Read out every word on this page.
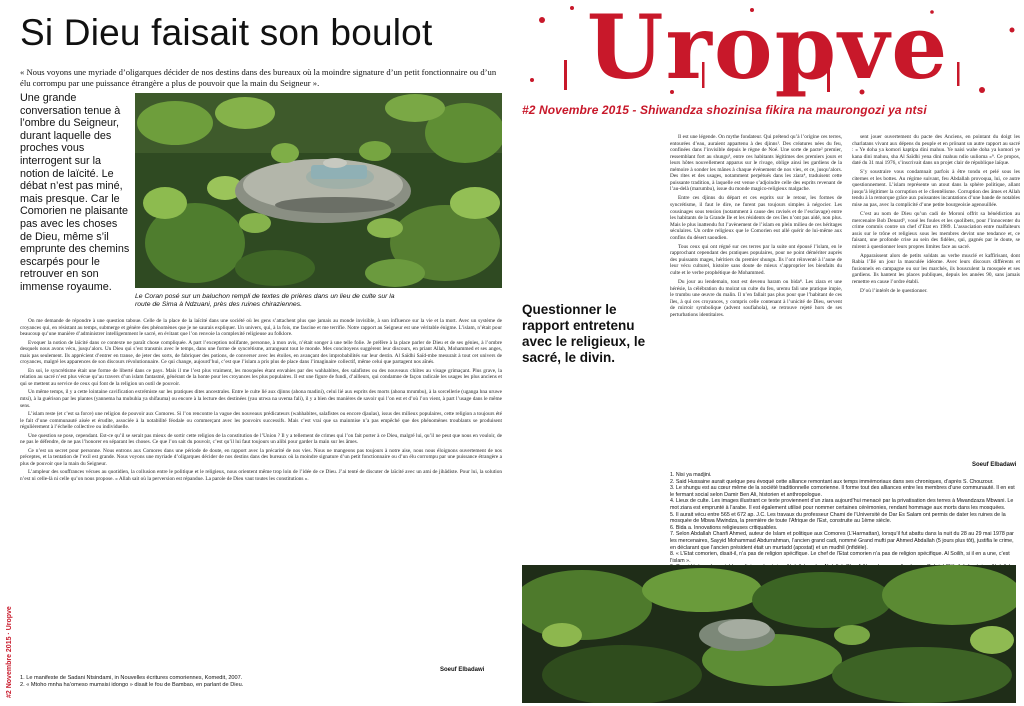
Si Dieu faisait son boulot

« Nous voyons une myriade d’oligarques décider de nos destins dans des bureaux où la moindre signature d’un petit fonctionnaire ou d’un élu corrompu par une puissance étrangère a plus de pouvoir que la main du Seigneur ».

Une grande conversation tenue à l’ombre du Seigneur, durant laquelle des proches vous interrogent sur la notion de laïcité. Le débat n’est pas miné, mais presque. Car le Comorien ne plaisante pas avec les choses de Dieu, même s’il emprunte des chemins escarpés pour le retrouver en son immense royaume.

Le Coran posé sur un baluchon rempli de textes de prières dans un lieu de culte sur la route de Sima à Ndzuani, près des ruines chiraziennes.

On me demande de répondre à une question taboue. Celle de la place de la laïcité dans une société où les gens s’attachent plus que jamais au monde invisible, à son influence sur la vie et la mort. Avec un système de croyances qui, en résistant au temps, submerge et génère des phénomènes que je ne saurais expliquer. Un univers, qui, à la fois, me fascine et me terrifie. Notre rapport au Seigneur est une véritable énigme. L’islam, n’était pour beaucoup qu’une manière d’administrer intelligemment le sacré, en évitant que l’on renvoie la complexité religieuse au folklore.

Evoquer la notion de laïcité dans ce contexte ne paraît chose compliquée. A part l’exception nolifante, personne, à mon avis, n’était songer à une telle folie. Je préfère à la place parler de Dieu et de ses génies, à l’ombre desquels nous avons vécu, jusqu’alors. Un Dieu qui s’est transmis avec le temps, dans une forme de syncrétisme, arrangeant tout le monde. Mes concitoyens suggèrent leur discours, en priant Allah, Mohammed et ses anges, mais pas seulement. Ils apprécient d’entrer en transe, de jeter des sorts, de fabriquer des potions, de converser avec les étoiles, en avançant des improbabilités sur leur destin. Al Saïdhi Saïd-mbe mesurait à tout cet univers de croyances, malgré les apparences de son discours révolutionnaire. Ce qui change, aujourd’hui, c’est que l’islam a pris plus de place dans l’imaginaire collectif, même celui que partagent nos aînés.

En soi, le syncrétisme était une forme de liberté dans ce pays. Mais il me l’est plus vraiment, les mosquées étant envahies par des wahhabites, des salafistes ou des nouveaux chiites au visage grimaçant. Plus grave, la relation au sacré n’est plus vécue qu’au travers d’un islam fantasmé, générant de la honte pour les croyances les plus populaires. Il est une figure de fundi, d’ailleurs, qui condamne de façon radicale les usages les plus anciens et qui se mettent au service de ceux qui font de la religion un outil de pouvoir.

Un même temps, il y a cette lointaine cavification extrémiste sur les pratiques dites ancestrales. Entre le culte lié aux djinns (ahona madini), celui lié aux esprits des morts (ahona mrumbu), à la sorcellerie (uganga hna uruwe mtsi), à la guérison par les plantes (yannema ha mubuhia ya shifauma) ou encore à la lecture des destinées (yau utrwa na uvema fali), il y a bien des manières de savoir qui l’on est et d’où l’on vient, à part l’usage dans le même sens.

L’islam reste (et c’est sa force) une religion de pouvoir aux Comores. Si l’on rencontre la vague des nouveaux prédicateurs (wahhabites, salafistes ou encore djaulas), issus des milieux populaires, cette religion a toujours été le fait d’une communauté aisée et érudite, associée à la notabilité féodale ou commerçant avec les pouvoirs successifs. Mais c’est vrai que sa mainmise n’a pas empêché que des phénomènes troublants se produisent régulièrement à l’échelle collective ou individuelle.

Une question se pose, cependant. Est-ce qu’il se serait pas mieux de sortir cette religion de la constitution de l’Union ? Il y a tellement de crimes qui l’on fait porter à ce Dieu, malgré lui, qu’il ne peut que nous en vouloir, de ne pas le défendre, de ne pas l’honorer en séparant les choses. Ce que l’on sait du pouvoir, c’est qu’il lui faut toujours un alibi pour garder la main sur les âmes.

Ce n’est un secret pour personne. Nous entrons aux Comores dans une période de doute, en rapport avec la précarité de nos vies. Nous ne mangeons pas toujours à notre aise, nous nous éloignons ouvertement de nos préceptes, et la tentation de l’exil est grande. Nous voyons une myriade d’oligarques décider de nos destins dans des bureaux où la moindre signature d’un petit fonctionnaire ou d’un élu corrompu par une puissance étrangère a plus de pouvoir que la main du Seigneur.

L’ampleur des souffrances vécues au quotidien, la collusion entre le politique et le religieux, nous orientent même trop loin de l’idée de ce Dieu. J’ai tenté de discuter de laïcité avec un ami de jihâdiste. Pour lui, la solution n’est ni celle-là ni celle qu’on nous propose. « Allah sait où la perversion est répandue. La parole de Dieu vaut toutes les constitutions ».

Soeuf Elbadawi
1. Le manifeste de Sadani Ntsindami, in Nouvelles écritures comoriennes, Komedit, 2007.
2. « Mtoho mnha ha’omeso mumsisi idongo » disait le fou de Bambao, en parlant de Dieu.
#2 Novembre 2015 · Uropve
Uropve
#2 Novembre 2015 - Shiwandza shozinisa fikira na maurongozi ya ntsi
Questionner le rapport entretenu avec le religieux, le sacré, le divin.

Il est une légende. On mythe fondateur. Qui prétend qu’à l’origine ces terres, entourées d’eau, auraient appartenu à des djinns¹. Des créatures nées du feu, confinées dans l’invisible depuis le règne de Noé. Une sorte de pacte² premier, ressemblant fort au shungu³, entre ces habitants légitimes des premiers jours et leurs hôtes nouvellement apparus sur le rivage, oblige ainsi les gardiens de la mémoire à sonder les mânes à chaque événement de nos vies, et ce, jusqu’alors. Des rites et des usages, notamment perpétués dans les ziara⁴, traduisent cette puissante tradition, à laquelle est venue s’adjoindre celle des esprits revenant de l’au-delà (marumbu), issue du monde magico-religieux malgache.

Entre ces djinns du départ et ces esprits sur le retour, les formes de syncrétisme, il faut le dire, ne furent pas toujours simples à négocier. Les cousinages sous tension (notamment à cause des ravisés et de l’esclavage) entre les habitants de la Grande Ile et les résidents de ces îles n’ont pas aidé, non plus. Mais le plus inattendu fut l’avènement de l’islam en plein milieu de ces héritages séculaires. Un ordre religieux que le Comorien eut allé quérir de lui-même aux confins du désert saoudien.

Tous ceux qui ont régné sur ces terres par la suite ont épousé l’islam, en le rapprochant cependant des pratiques populaires, pour ne point démériter auprès des puissants mages, héritiers du premier shungu. Ils l’ont réinventé à l’aune de leur vécu culturel, histoire sans doute de mieux s’approprier les bienfaits du culte et le verbe prophétique de Mohammed.

Du jour au lendemain, tout est devenu haram ou bida⁸. Les ziara et une hérésie, la célébration du moirat un culte du feu, uremu fali une pratique impie, le trumbu une œuvre du malin. Il n’en fallait pas plus pour que l’habitant de ces îles, à qui ces croyances, y compris celle contenant à l’unicité de Dieu, servent de mirroir symbolique (advent soufiahola), se retrouve rejeté hors de ses perturbations identitaires.

sent jouer ouvertement du pacte des Anciens, en pointant du doigt les charlatans vivant aux dépens du peuple et en prônant un autre rapport au sacré : « Ye doha ya komori kaptipa dini mahuu. Ye naisi wahe doha ya komori ye kana dini mahuu, sha Al Saïdhi yena dini mahuu ndio uulioma »⁹. Ce propos, daté du 31 mai 1976, s’inscrivait dans un projet clair de république laïque.

S’y soustraire vous condamnait parfois à être tondu et pelé sous les citernes et les bottes. Au régime suivant, feu Abdallah provoqua, lui, ce autre questionnement. L’islam représente un atout dans la sphère politique, allant jusqu’à légitimer la corruption et le clientélisme. Corruption des âmes et Allah tendu à la remorque grâce aux puissantes incantations d’une bande de notables mise au pas, avec la complicité d’une petite bourgeoisie agenouillée.

C’est au nom de Dieu qu’un cadi de Moroni offrit sa bénédiction au mercenaire Bob Denard⁵, voué les foules et les quolibets, pour l’innocenter du crime commis contre un chef d’Etat en 1989. L’association entre malfaiteurs assis sur le trône et religieux sous les membres devint une tendance et, ce faisant, une profonde crise au sein des fidèles, qui, gagnés par le doute, se mirent à questionner leurs propres limites face au sacré.

Apparaissent alors de petits soldats au verbe musclé et kaffirisant, dont Rabia l’Ilé un jour la masculée idéome. Avec leurs discours différents et fusionnels en campagne ou sur les marchés, ils bousculent la mosquée et ses gardiens. Ils hantent les places publiques, depuis les années 90, sans jamais remettre en cause l’ordre établi.

D’où l’intérêt de le questionner.

Soeuf Elbadawi
1. Nisi ya madjini.
2. Said Hussaine aurait quelque peu évoqué cette alliance remontant aux temps immémoriaux dans ses chroniques, d’après S. Chouzour.
3. Le shungu est au cœur même de la société traditionnelle comorienne. Il forme tout des alliances entre les membres d’une communauté. Il en est le fermant social selon Damir Ben Ali, historien et anthropologue.
4. Lieux de culte. Les images illustrant ce texte proviennent d’un ziara aujourd’hui menacé par la privatisation des terres à Mwandzaza Mbwani. Le mot ziara est emprunté à l’arabe. Il est également utilisé pour nommer certaines cérémonies, rendant hommage aux morts dans les mosquées.
5. Il aurait vécu entre 565 et 672 ap. J.C. Les travaux du professeur Chami de l’Université de Dar Es Salam ont permis de dater les ruines de la mosquée de Mbwa Mwindza, la première de toute l’Afrique de l’Est, construite au 1ème siècle.
6. Bida a. Innovations religieuses critiquables.
7. Selon Abdallah Chanfi Ahmed, auteur de Islam et politique aux Comores (L’Harmattan), lorsqu’il fut abattu dans la nuit du 28 au 29 mai 1978 par les mercenaires, Sayyid Mohammad Abdurrahman, l’ancien grand cadi, nommé Grand mufti par Ahmed Abdallah (5 jours plus tôt), justifia le crime, en déclarant que l’ancien président était un murtadd (apostat) et un mudhil (infidèle).
8. « L’Etat comorien, disait-il, n’a pas de religion spécifique. Le chef de l’Etat comorien n’a pas de religion spécifique. Al Soilih, si il en a une, c’est l’islam ».
